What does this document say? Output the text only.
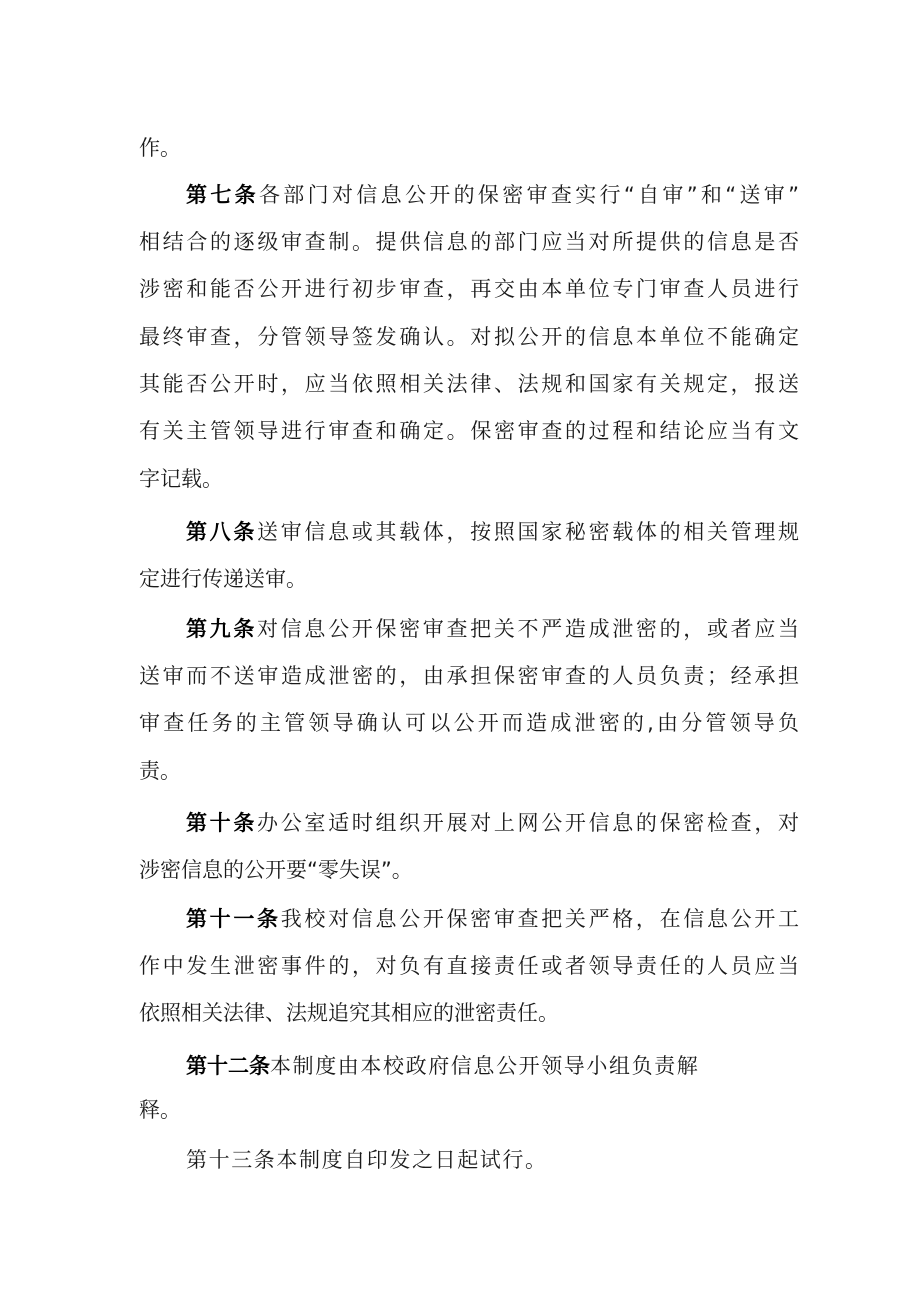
作。
第七条各部门对信息公开的保密审查实行“自审”和“送审”
相结合的逐级审查制。提供信息的部门应当对所提供的信息是否
涉密和能否公开进行初步审查，再交由本单位专门审查人员进行
最终审查，分管领导签发确认。对拟公开的信息本单位不能确定
其能否公开时，应当依照相关法律、法规和国家有关规定，报送
有关主管领导进行审查和确定。保密审查的过程和结论应当有文
字记载。
第八条送审信息或其载体，按照国家秘密载体的相关管理规
定进行传递送审。
第九条对信息公开保密审查把关不严造成泄密的，或者应当
送审而不送审造成泄密的，由承担保密审查的人员负责；经承担
审查任务的主管领导确认可以公开而造成泄密的,由分管领导负
责。
第十条办公室适时组织开展对上网公开信息的保密检查，对
涉密信息的公开要“零失误”。
第十一条我校对信息公开保密审查把关严格，在信息公开工
作中发生泄密事件的，对负有直接责任或者领导责任的人员应当
依照相关法律、法规追究其相应的泄密责任。
第十二条本制度由本校政府信息公开领导小组负责解
释。
第十三条本制度自印发之日起试行。
